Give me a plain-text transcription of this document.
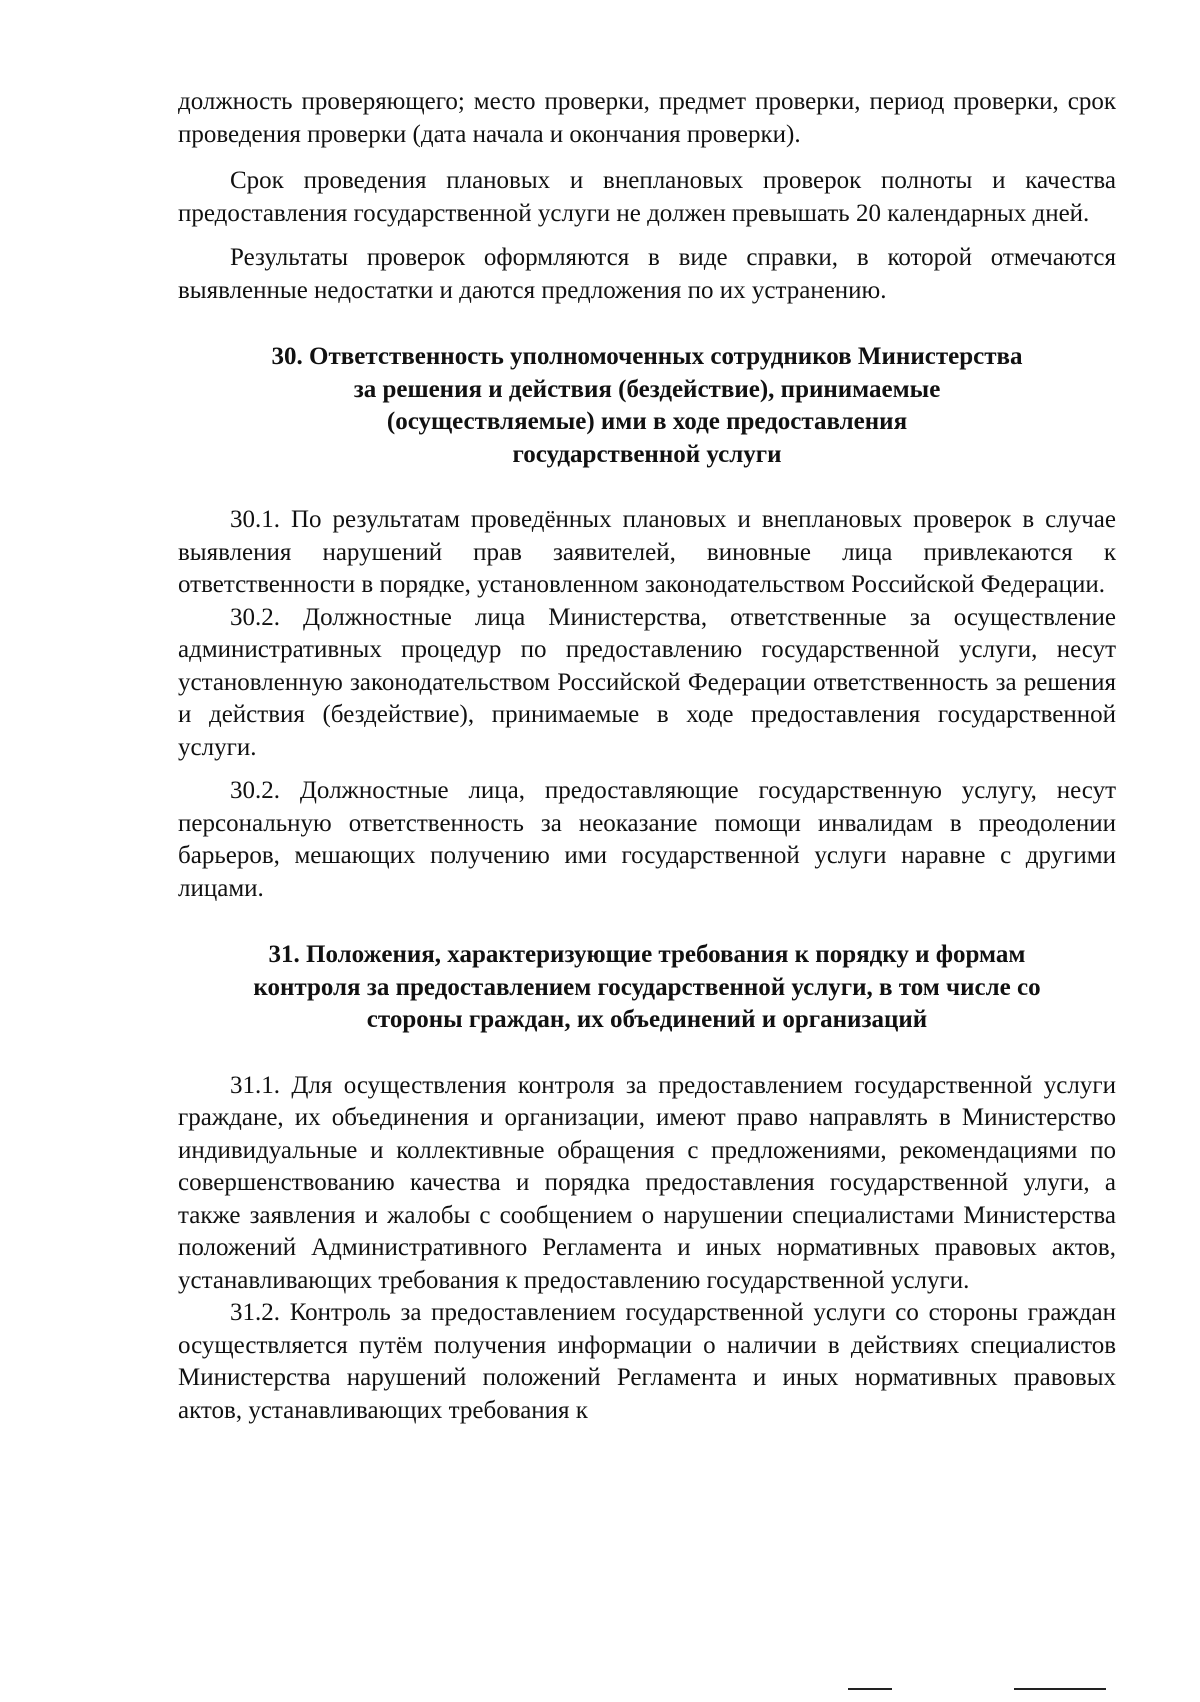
должность проверяющего; место проверки, предмет проверки, период проверки, срок проведения проверки (дата начала и окончания проверки).

Срок проведения плановых и внеплановых проверок полноты и качества предоставления государственной услуги не должен превышать 20 календарных дней.

Результаты проверок оформляются в виде справки, в которой отмечаются выявленные недостатки и даются предложения по их устранению.

30. Ответственность уполномоченных сотрудников Министерства
за решения и действия (бездействие), принимаемые
(осуществляемые) ими в ходе предоставления
государственной услуги

30.1. По результатам проведённых плановых и внеплановых проверок в случае выявления нарушений прав заявителей, виновные лица привлекаются к ответственности в порядке, установленном законодательством Российской Федерации.

30.2. Должностные лица Министерства, ответственные за осуществление административных процедур по предоставлению государственной услуги, несут установленную законодательством Российской Федерации ответственность за решения и действия (бездействие), принимаемые в ходе предоставления государственной услуги.

30.2. Должностные лица, предоставляющие государственную услугу, несут персональную ответственность за неоказание помощи инвалидам в преодолении барьеров, мешающих получению ими государственной услуги наравне с другими лицами.

31. Положения, характеризующие требования к порядку и формам
контроля за предоставлением государственной услуги, в том числе со
стороны граждан, их объединений и организаций

31.1. Для осуществления контроля за предоставлением государственной услуги граждане, их объединения и организации, имеют право направлять в Министерство индивидуальные и коллективные обращения с предложениями, рекомендациями по совершенствованию качества и порядка предоставления государственной улуги, а также заявления и жалобы с сообщением о нарушении специалистами Министерства положений Административного Регламента и иных нормативных правовых актов, устанавливающих требования к предоставлению государственной услуги.

31.2. Контроль за предоставлением государственной услуги со стороны граждан осуществляется путём получения информации о наличии в действиях специалистов Министерства нарушений положений Регламента и иных нормативных правовых актов, устанавливающих требования к
